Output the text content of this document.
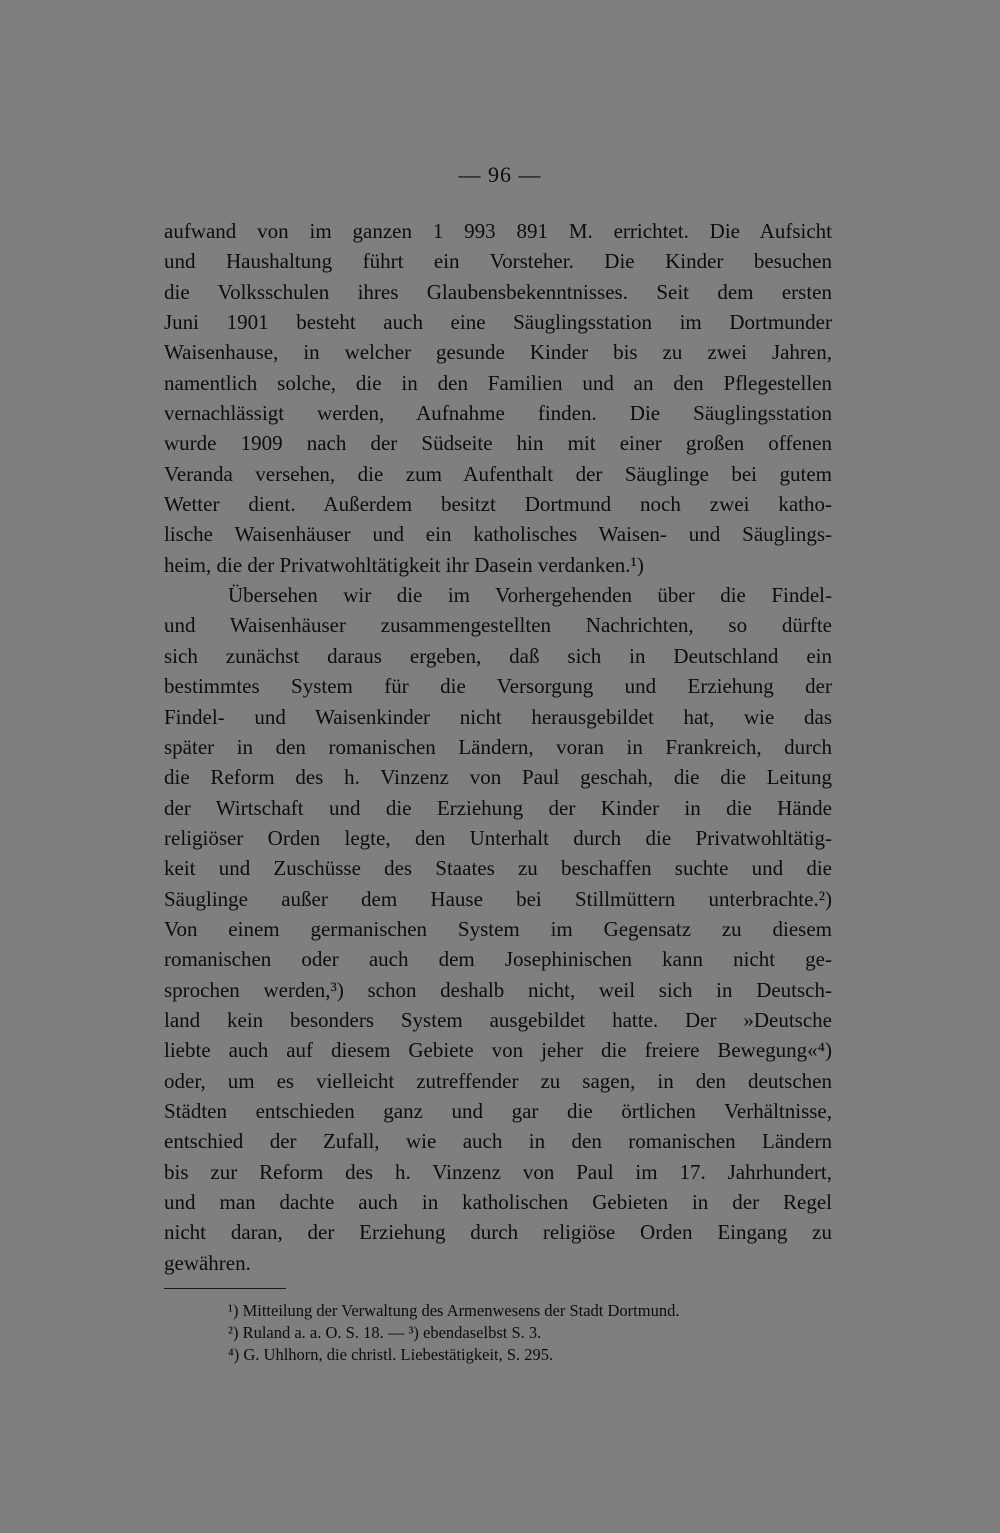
— 96 —
aufwand von im ganzen 1 993 891 M. errichtet. Die Aufsicht
und Haushaltung führt ein Vorsteher. Die Kinder besuchen
die Volksschulen ihres Glaubensbekenntnisses. Seit dem ersten
Juni 1901 besteht auch eine Säuglingsstation im Dortmunder
Waisenhause, in welcher gesunde Kinder bis zu zwei Jahren,
namentlich solche, die in den Familien und an den Pflegestellen
vernachlässigt werden, Aufnahme finden. Die Säuglingsstation
wurde 1909 nach der Südseite hin mit einer großen offenen
Veranda versehen, die zum Aufenthalt der Säuglinge bei gutem
Wetter dient. Außerdem besitzt Dortmund noch zwei katho-
lische Waisenhäuser und ein katholisches Waisen- und Säuglings-
heim, die der Privatwohltätigkeit ihr Dasein verdanken.¹)
Übersehen wir die im Vorhergehenden über die Findel-
und Waisenhäuser zusammengestellten Nachrichten, so dürfte
sich zunächst daraus ergeben, daß sich in Deutschland ein
bestimmtes System für die Versorgung und Erziehung der
Findel- und Waisenkinder nicht herausgebildet hat, wie das
später in den romanischen Ländern, voran in Frankreich, durch
die Reform des h. Vinzenz von Paul geschah, die die Leitung
der Wirtschaft und die Erziehung der Kinder in die Hände
religiöser Orden legte, den Unterhalt durch die Privatwohltätig-
keit und Zuschüsse des Staates zu beschaffen suchte und die
Säuglinge außer dem Hause bei Stillmüttern unterbrachte.²)
Von einem germanischen System im Gegensatz zu diesem
romanischen oder auch dem Josephinischen kann nicht ge-
sprochen werden,³) schon deshalb nicht, weil sich in Deutsch-
land kein besonders System ausgebildet hatte. Der »Deutsche
liebte auch auf diesem Gebiete von jeher die freiere Bewegung«⁴)
oder, um es vielleicht zutreffender zu sagen, in den deutschen
Städten entschieden ganz und gar die örtlichen Verhältnisse,
entschied der Zufall, wie auch in den romanischen Ländern
bis zur Reform des h. Vinzenz von Paul im 17. Jahrhundert,
und man dachte auch in katholischen Gebieten in der Regel
nicht daran, der Erziehung durch religiöse Orden Eingang zu
gewähren.
¹) Mitteilung der Verwaltung des Armenwesens der Stadt Dortmund.
²) Ruland a. a. O. S. 18. — ³) ebendaselbst S. 3.
⁴) G. Uhlhorn, die christl. Liebestätigkeit, S. 295.
